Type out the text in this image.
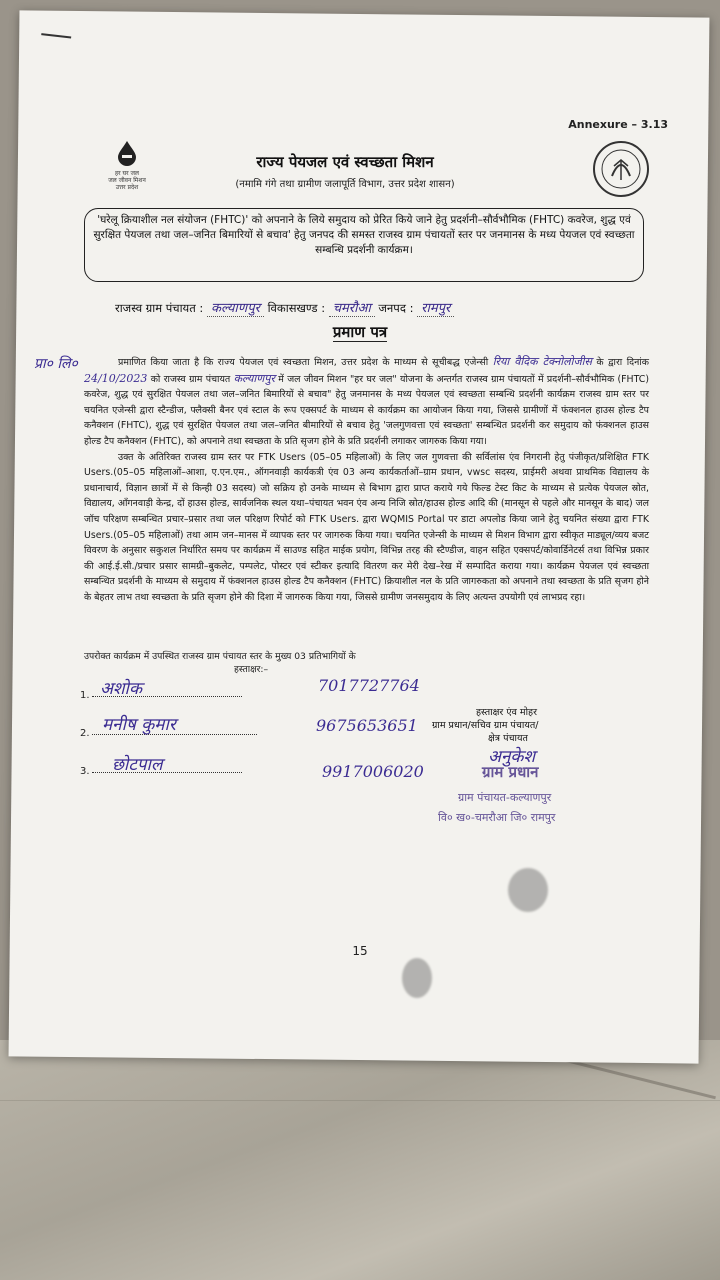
Annexure – 3.13
हर घर जल
जल जीवन मिशन
उत्तर प्रदेश
राज्य पेयजल एवं स्वच्छता मिशन
(नमामि गंगे तथा ग्रामीण जलापूर्ति विभाग, उत्तर प्रदेश शासन)
'घरेलू क्रियाशील नल संयोजन (FHTC)' को अपनाने के लिये समुदाय को प्रेरित किये जाने हेतु प्रदर्शनी–सौर्वभौमिक (FHTC) कवरेज, शुद्ध एवं सुरक्षित पेयजल तथा जल–जनित बिमारियों से बचाव' हेतु जनपद की समस्त राजस्व ग्राम पंचायतों स्तर पर जनमानस के मध्य पेयजल एवं स्वच्छता सम्बन्धि प्रदर्शनी कार्यक्रम।
राजस्व ग्राम पंचायत : कल्याणपुर विकासखण्ड : चमरौआ जनपद : रामपुर
प्रमाण पत्र
प्रा० लि०	प्रमाणित किया जाता है कि राज्य पेयजल एवं स्वच्छता मिशन, उत्तर प्रदेश के माध्यम से सूचीबद्ध एजेन्सी रिया वैदिक टेक्नोलोजीस के द्वारा दिनांक 24/10/2023 को राजस्व ग्राम पंचायत कल्याणपुर में जल जीवन मिशन "हर घर जल" योजना के अन्तर्गत राजस्व ग्राम पंचायतों में प्रदर्शनी–सौर्वभौमिक (FHTC) कवरेज, शुद्ध एवं सुरक्षित पेयजल तथा जल–जनित बिमारियों से बचाव" हेतु जनमानस के मध्य पेयजल एवं स्वच्छता सम्बन्धि प्रदर्शनी कार्यक्रम राजस्व ग्राम स्तर पर चयनित एजेन्सी द्वारा स्टैन्डीज, फ्लैक्सी बैनर एवं स्टाल के रूप एक्सपर्ट के माध्यम से कार्यक्रम का आयोजन किया गया, जिससे ग्रामीणों में फंक्शनल हाउस होल्ड टैप कनैक्शन (FHTC), शुद्ध एवं सुरक्षित पेयजल तथा जल–जनित बीमारियों से बचाव हेतु 'जलगुणवत्ता एवं स्वच्छता' सम्बन्धित प्रदर्शनी कर समुदाय को फंक्शनल हाउस होल्ड टैप कनैक्शन (FHTC), को अपनाने तथा स्वच्छता के प्रति सृजग होने के प्रति प्रदर्शनी लगाकर जागरुक किया गया।

उक्त के अतिरिक्त राजस्व ग्राम स्तर पर FTK Users (05–05 महिलाओं) के लिए जल गुणवत्ता की सर्विलांस एंव निगरानी हेतु पंजीकृत/प्रशिक्षित FTK Users.(05–05 महिलाओं–आशा, ए.एन.एम., ऑगनवाड़ी कार्यकत्री एंव 03 अन्य कार्यकर्ताओं–ग्राम प्रधान, vwsc सदस्य, प्राईमरी अथवा प्राथमिक विद्यालय के प्रधानाचार्य, विज्ञान छात्रों में से किन्ही 03 सदस्य) जो सक्रिय हो उनके माध्यम से बिभाग द्वारा प्राप्त कराये गये फिल्ड टेस्ट किट के माध्यम से प्रत्येक पेयजल स्रोत, विद्यालय, आँगनवाड़ी केन्द्र, दों हाउस होल्ड, सार्वजनिक स्थल यथा–पंचायत भवन एंव अन्य निजि स्रोत/हाउस होल्ड आदि की (मानसून से पहले और मानसून के बाद) जल जॉच परिक्षण सम्बन्धित प्रचार–प्रसार तथा जल परिक्षण रिपोर्ट को FTK Users. द्वारा WQMIS Portal पर डाटा अपलोड किया जाने हेतु चयनित संख्या द्वारा FTK Users.(05–05 महिलाओं) तथा आम जन–मानस में व्यापक स्तर पर जागरुक किया गया। चयनित एजेन्सी के माध्यम से मिशन विभाग द्वारा स्वीकृत माड्यूल/व्यय बजट विवरण के अनुसार सकुशल निर्धारित समय पर कार्यक्रम में साउण्ड सहित माईक प्रयोग, विभिन्न तरह की स्टैण्डीज, वाहन सहित एक्सपर्ट/कोवार्डिनेटर्स तथा विभिन्न प्रकार की आई.ई.सी./प्रचार प्रसार सामग्री–बुकलेट, पम्पलेट, पोस्टर एवं स्टीकर इत्यादि वितरण कर मेरी देख–रेख में सम्पादित कराया गया। कार्यक्रम पेयजल एवं स्वच्छता सम्बन्धित प्रदर्शनी के माध्यम से समुदाय में फंक्शनल हाउस होल्ड टैप कनैक्शन (FHTC) क्रियाशील नल के प्रति जागरुकता को अपनाने तथा स्वच्छता के प्रति सृजग होने के बेहतर लाभ तथा स्वच्छता के प्रति सृजग होने की दिशा में जागरुक किया गया, जिससे ग्रामीण जनसमुदाय के लिए अत्यन्त उपयोगी एवं लाभप्रद रहा।

उपरोक्त कार्यक्रम में उपस्थित राजस्व ग्राम पंचायत स्तर के मुख्य 03 प्रतिभागियों के
हस्ताक्षर:–
1. अशोक	7017727764
2. मनीष कुमार	9675653651
3. छोटपाल	9917006020
हस्ताक्षर एंव मोहर
ग्राम प्रधान/सचिव ग्राम पंचायत/
क्षेत्र पंचायत
अनुकेश
ग्राम प्रधान
ग्राम पंचायत-कल्याणपुर
वि० ख०-चमरौआ जि० रामपुर
15
